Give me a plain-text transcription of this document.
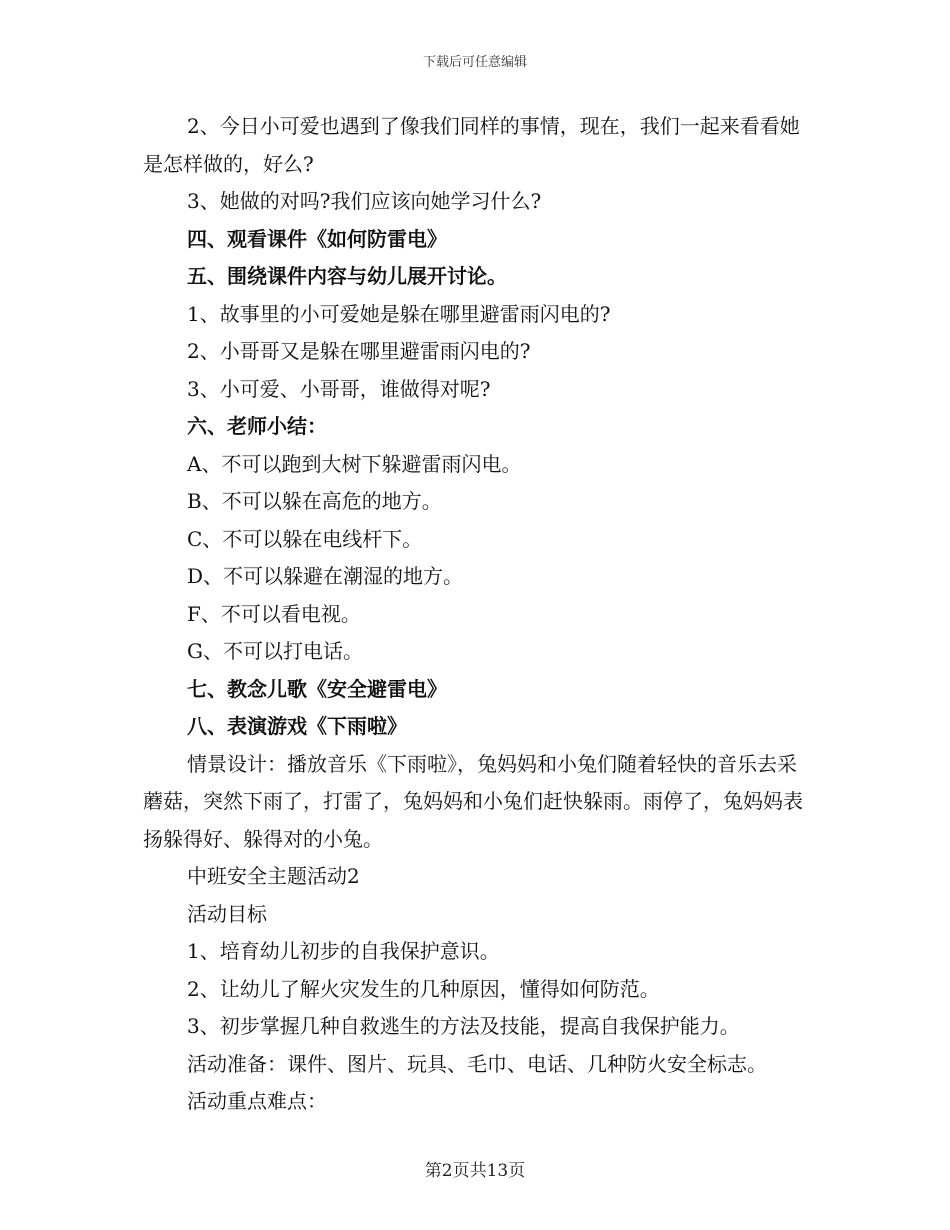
下载后可任意编辑

2、今日小可爱也遇到了像我们同样的事情，现在，我们一起来看看她是怎样做的，好么?

3、她做的对吗?我们应该向她学习什么?

四、观看课件《如何防雷电》

五、围绕课件内容与幼儿展开讨论。

1、故事里的小可爱她是躲在哪里避雷雨闪电的?

2、小哥哥又是躲在哪里避雷雨闪电的?

3、小可爱、小哥哥，谁做得对呢?

六、老师小结：

A、不可以跑到大树下躲避雷雨闪电。

B、不可以躲在高危的地方。

C、不可以躲在电线杆下。

D、不可以躲避在潮湿的地方。

F、不可以看电视。

G、不可以打电话。

七、教念儿歌《安全避雷电》

八、表演游戏《下雨啦》

情景设计：播放音乐《下雨啦》，兔妈妈和小兔们随着轻快的音乐去采蘑菇，突然下雨了，打雷了，兔妈妈和小兔们赶快躲雨。雨停了，兔妈妈表扬躲得好、躲得对的小兔。

中班安全主题活动2

活动目标

1、培育幼儿初步的自我保护意识。

2、让幼儿了解火灾发生的几种原因，懂得如何防范。

3、初步掌握几种自救逃生的方法及技能，提高自我保护能力。

活动准备：课件、图片、玩具、毛巾、电话、几种防火安全标志。

活动重点难点：

第2页共13页
